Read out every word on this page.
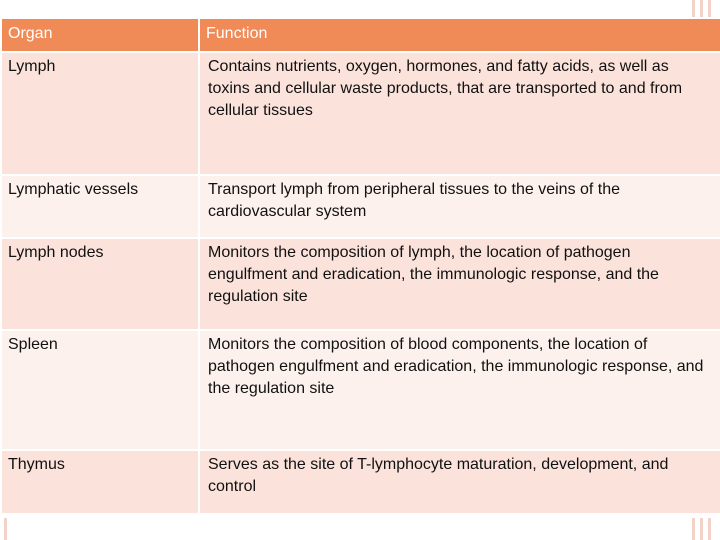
Organ	Function
Lymph	Contains nutrients, oxygen, hormones, and fatty acids, as well as toxins and cellular waste products, that are transported to and from cellular tissues
Lymphatic vessels	Transport lymph from peripheral tissues to the veins of the cardiovascular system
Lymph nodes	Monitors the composition of lymph, the location of pathogen engulfment and eradication, the immunologic response, and the regulation site
Spleen	Monitors the composition of blood components, the location of pathogen engulfment and eradication, the immunologic response, and the regulation site
Thymus	Serves as the site of T-lymphocyte maturation, development, and control
